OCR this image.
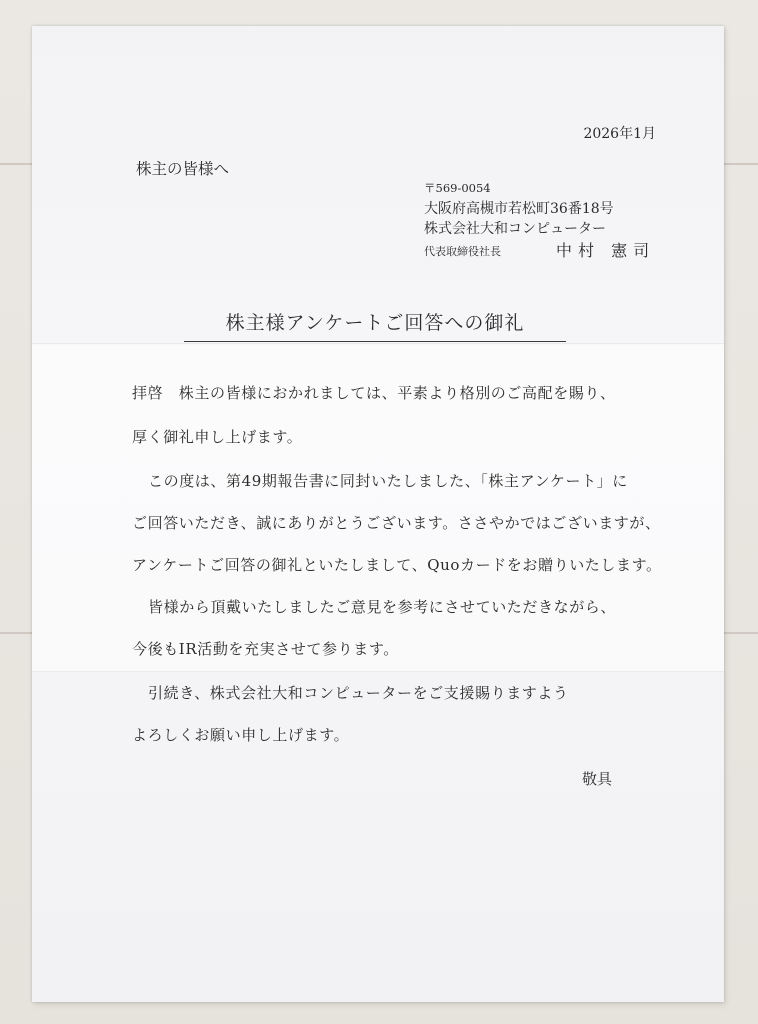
2026年1月
株主の皆様へ
〒569-0054
大阪府高槻市若松町36番18号
株式会社大和コンピューター
代表取締役社長	中村 憲司
株主様アンケートご回答への御礼
拝啓　株主の皆様におかれましては、平素より格別のご高配を賜り、
厚く御礼申し上げます。
この度は、第49期報告書に同封いたしました、「株主アンケート」に
ご回答いただき、誠にありがとうございます。ささやかではございますが、
アンケートご回答の御礼といたしまして、Quoカードをお贈りいたします。
皆様から頂戴いたしましたご意見を参考にさせていただきながら、
今後もIR活動を充実させて参ります。
引続き、株式会社大和コンピューターをご支援賜りますよう
よろしくお願い申し上げます。
敬具
